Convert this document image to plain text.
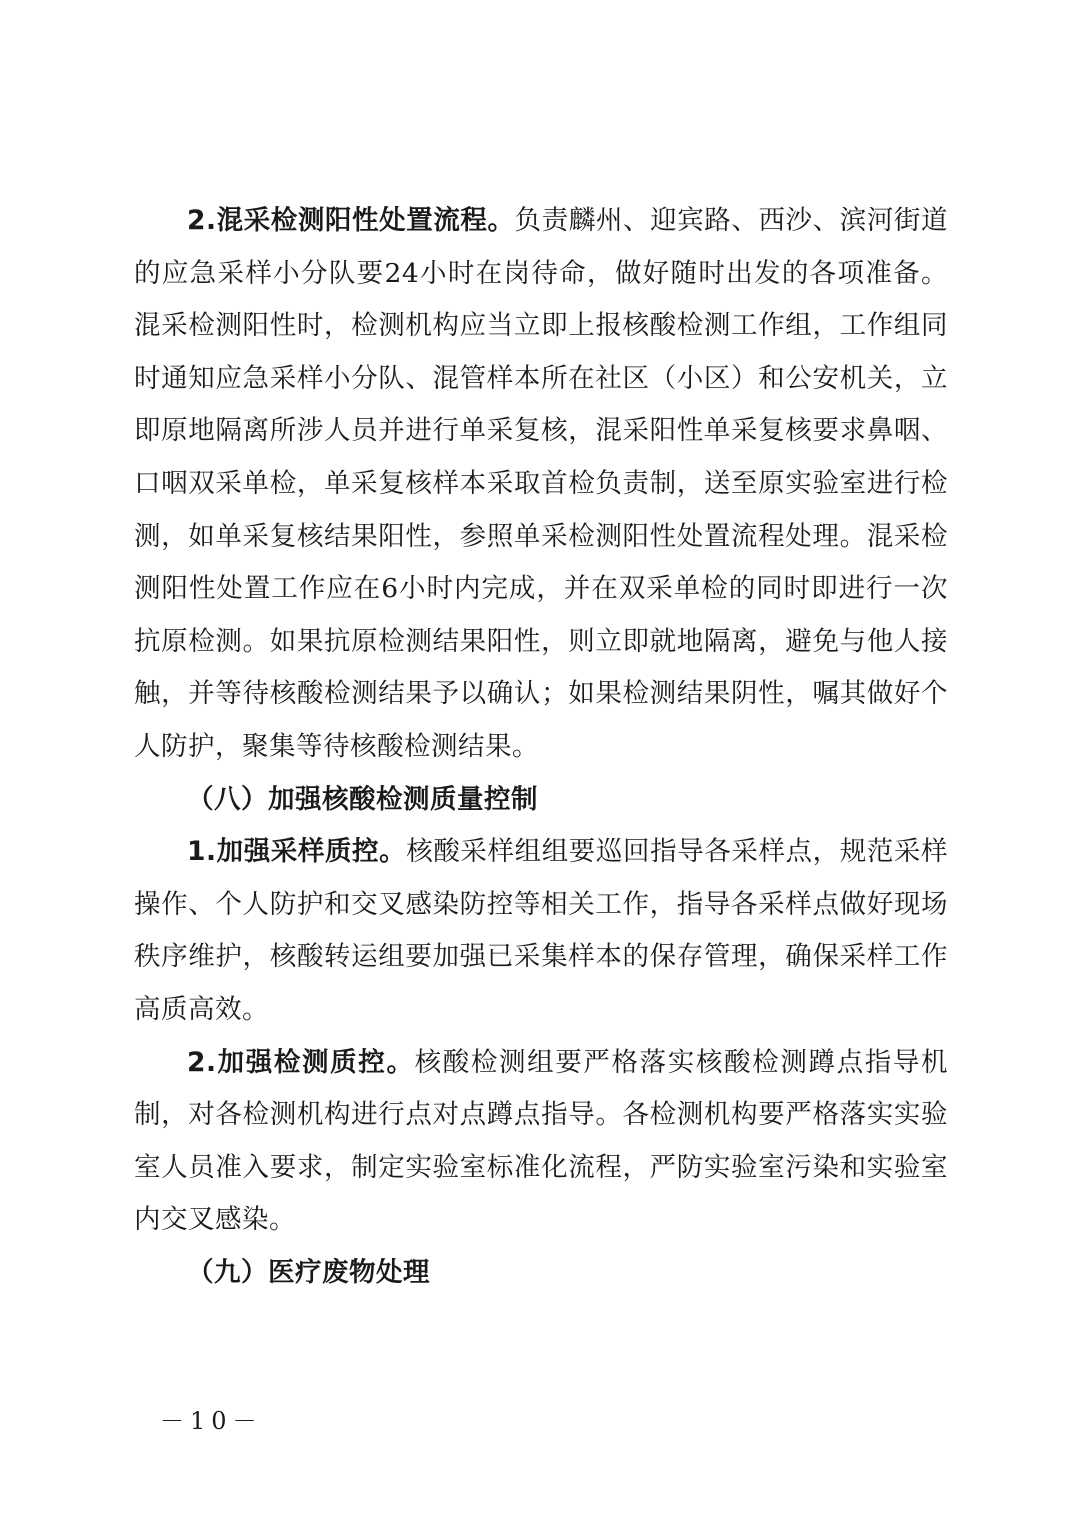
2.混采检测阳性处置流程。负责麟州、迎宾路、西沙、滨河街道的应急采样小分队要24小时在岗待命，做好随时出发的各项准备。混采检测阳性时，检测机构应当立即上报核酸检测工作组，工作组同时通知应急采样小分队、混管样本所在社区（小区）和公安机关，立即原地隔离所涉人员并进行单采复核，混采阳性单采复核要求鼻咽、口咽双采单检，单采复核样本采取首检负责制，送至原实验室进行检测，如单采复核结果阳性，参照单采检测阳性处置流程处理。混采检测阳性处置工作应在6小时内完成，并在双采单检的同时即进行一次抗原检测。如果抗原检测结果阳性，则立即就地隔离，避免与他人接触，并等待核酸检测结果予以确认；如果检测结果阴性，嘱其做好个人防护，聚集等待核酸检测结果。

（八）加强核酸检测质量控制

1.加强采样质控。核酸采样组组要巡回指导各采样点，规范采样操作、个人防护和交叉感染防控等相关工作，指导各采样点做好现场秩序维护，核酸转运组要加强已采集样本的保存管理，确保采样工作高质高效。

2.加强检测质控。核酸检测组要严格落实核酸检测蹲点指导机制，对各检测机构进行点对点蹲点指导。各检测机构要严格落实实验室人员准入要求，制定实验室标准化流程，严防实验室污染和实验室内交叉感染。

（九）医疗废物处理

－10－
